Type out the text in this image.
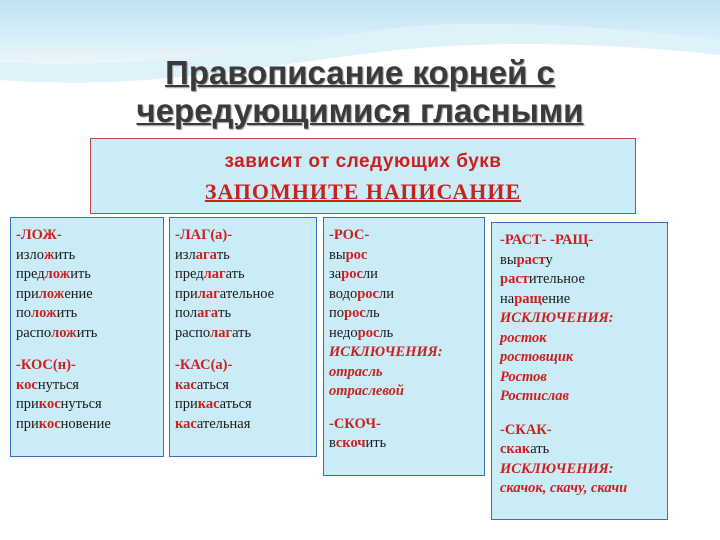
Правописание корней с
чередующимися гласными
зависит от следующих букв
ЗАПОМНИТЕ НАПИСАНИЕ
-ЛОЖ-
изложить
предложить
приложение
положить
расположить
-КОС(н)-
коснуться
прикоснуться
прикосновение
-ЛАГ(а)-
излагать
предлагать
прилагательное
полагать
располагать
-КАС(а)-
касаться
прикасаться
касательная
-РОС-
вырос
заросли
водоросли
поросль
недоросль
ИСКЛЮЧЕНИЯ:
отрасль
отраслевой
-СКОЧ-
вскочить
-РАСТ- -РАЩ-
вырасту
растительное
наращение
ИСКЛЮЧЕНИЯ:
росток
ростовщик
Ростов
Ростислав
-СКАК-
скакать
ИСКЛЮЧЕНИЯ:
скачок, скачу, скачи
